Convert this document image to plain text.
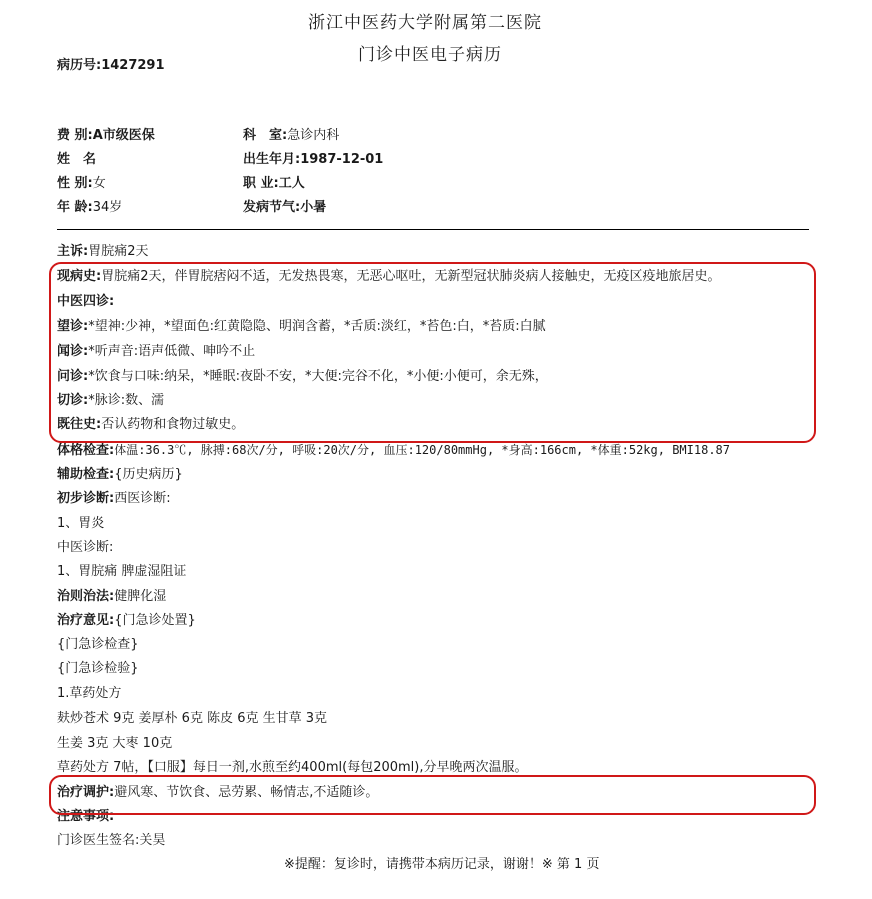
浙江中医药大学附属第二医院
门诊中医电子病历
病历号:1427291
费 别:A市级医保	科　室:急诊内科
姓　名	出生年月:1987-12-01
性 别:女	职 业:工人
年 龄:34岁	发病节气:小暑
主诉:胃脘痛2天
现病史:胃脘痛2天，伴胃脘痞闷不适，无发热畏寒，无恶心呕吐，无新型冠状肺炎病人接触史，无疫区疫地旅居史。
中医四诊:
望诊:*望神:少神，*望面色:红黄隐隐、明润含蓄，*舌质:淡红，*苔色:白，*苔质:白腻
闻诊:*听声音:语声低微、呻吟不止
问诊:*饮食与口味:纳呆，*睡眠:夜卧不安，*大便:完谷不化，*小便:小便可，余无殊，
切诊:*脉诊:数、濡
既往史:否认药物和食物过敏史。
体格检查:体温:36.3℃, 脉搏:68次/分, 呼吸:20次/分, 血压:120/80mmHg, *身高:166cm, *体重:52kg, BMI18.87
辅助检查:{历史病历}
初步诊断:西医诊断:
1、胃炎
中医诊断:
1、胃脘痛 脾虚湿阻证
治则治法:健脾化湿
治疗意见:{门急诊处置}
{门急诊检查}
{门急诊检验}
1.草药处方
麸炒苍术 9克 姜厚朴 6克 陈皮 6克 生甘草 3克
生姜 3克 大枣 10克
草药处方 7帖，【口服】每日一剂,水煎至约400ml(每包200ml),分早晚两次温服。
治疗调护:避风寒、节饮食、忌劳累、畅情志,不适随诊。
注意事项:
门诊医生签名:关昊
※提醒：复诊时，请携带本病历记录，谢谢！※ 第 1 页
